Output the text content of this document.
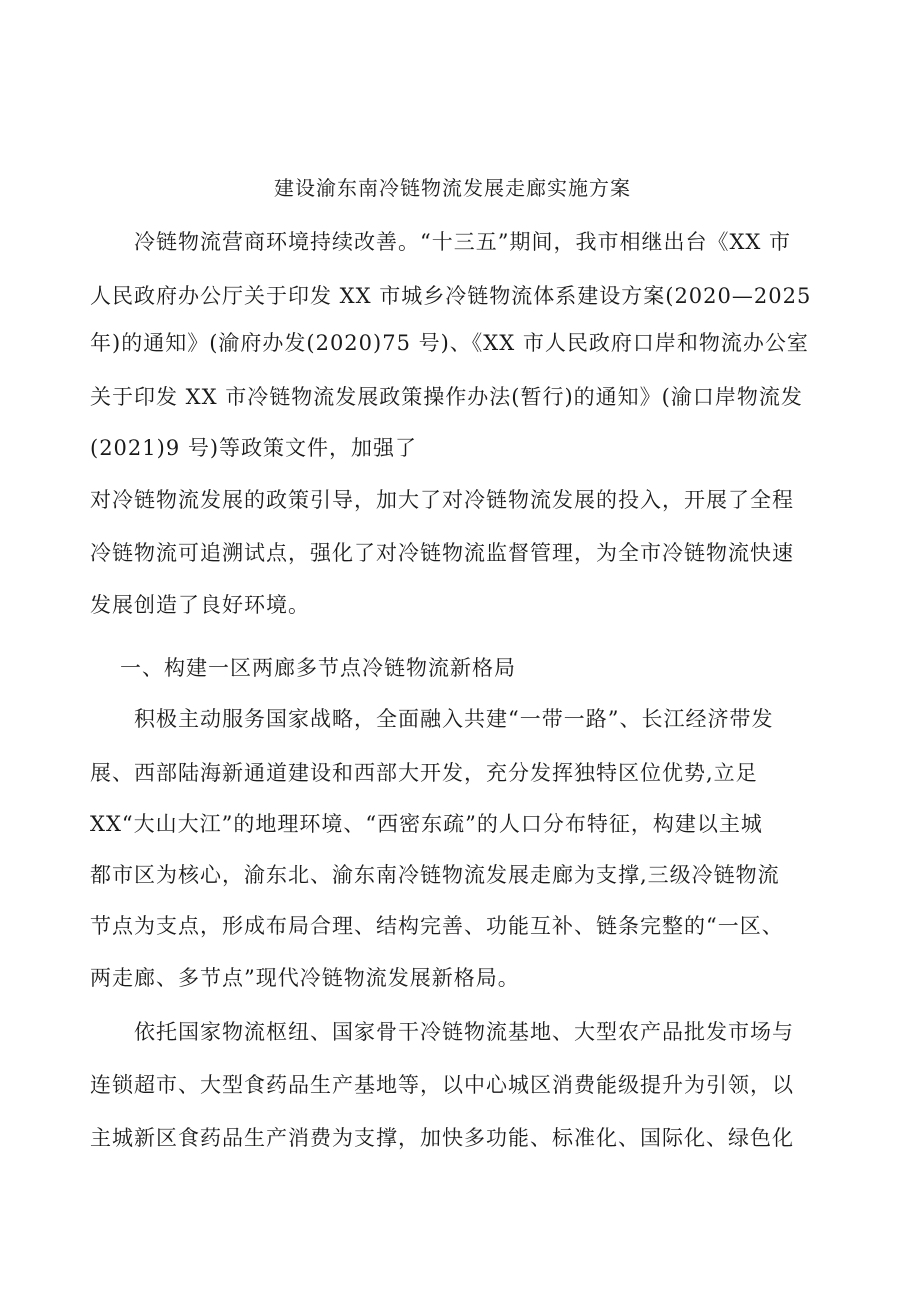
建设渝东南冷链物流发展走廊实施方案
冷链物流营商环境持续改善。“十三五”期间，我市相继出台《XX 市
人民政府办公厅关于印发 XX 市城乡冷链物流体系建设方案(2020—2025
年)的通知》(渝府办发(2020)75 号)、《XX 市人民政府口岸和物流办公室
关于印发 XX 市冷链物流发展政策操作办法(暂行)的通知》(渝口岸物流发
(2021)9 号)等政策文件，加强了
对冷链物流发展的政策引导，加大了对冷链物流发展的投入，开展了全程
冷链物流可追溯试点，强化了对冷链物流监督管理，为全市冷链物流快速
发展创造了良好环境。
一、构建一区两廊多节点冷链物流新格局
积极主动服务国家战略，全面融入共建“一带一路”、长江经济带发
展、西部陆海新通道建设和西部大开发，充分发挥独特区位优势,立足
XX“大山大江”的地理环境、“西密东疏”的人口分布特征，构建以主城
都市区为核心，渝东北、渝东南冷链物流发展走廊为支撑,三级冷链物流
节点为支点，形成布局合理、结构完善、功能互补、链条完整的“一区、
两走廊、多节点”现代冷链物流发展新格局。
依托国家物流枢纽、国家骨干冷链物流基地、大型农产品批发市场与
连锁超市、大型食药品生产基地等，以中心城区消费能级提升为引领，以
主城新区食药品生产消费为支撑，加快多功能、标准化、国际化、绿色化
